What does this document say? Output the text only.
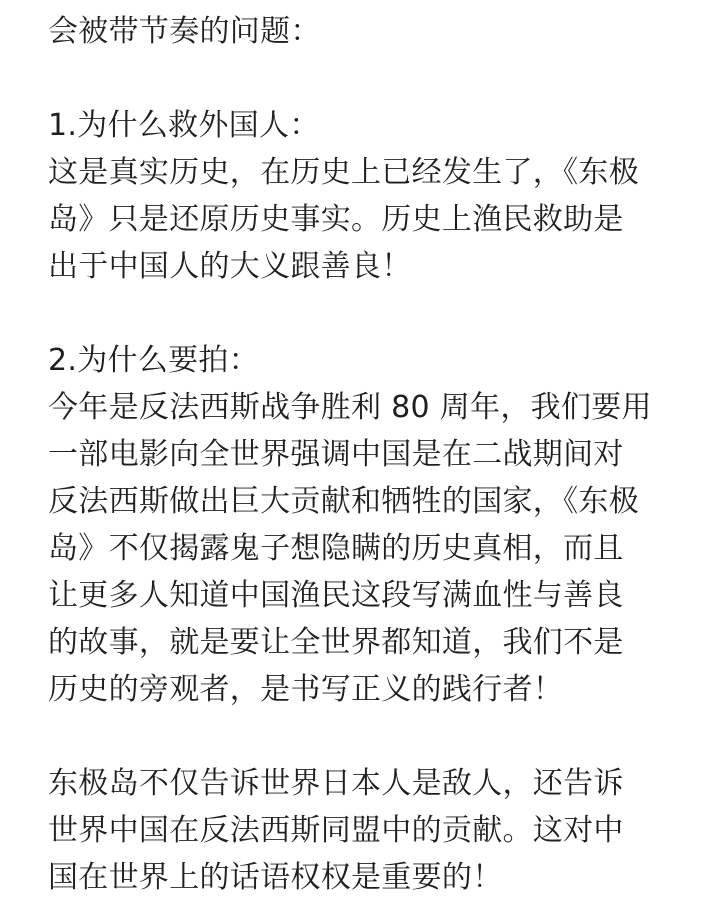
会被带节奏的问题：
1.为什么救外国人：
这是真实历史，在历史上已经发生了，《东极
岛》只是还原历史事实。历史上渔民救助是
出于中国人的大义跟善良！
2.为什么要拍：
今年是反法西斯战争胜利 80 周年，我们要用
一部电影向全世界强调中国是在二战期间对
反法西斯做出巨大贡献和牺牲的国家，《东极
岛》不仅揭露鬼子想隐瞒的历史真相，而且
让更多人知道中国渔民这段写满血性与善良
的故事，就是要让全世界都知道，我们不是
历史的旁观者，是书写正义的践行者！
东极岛不仅告诉世界日本人是敌人，还告诉
世界中国在反法西斯同盟中的贡献。这对中
国在世界上的话语权权是重要的！
